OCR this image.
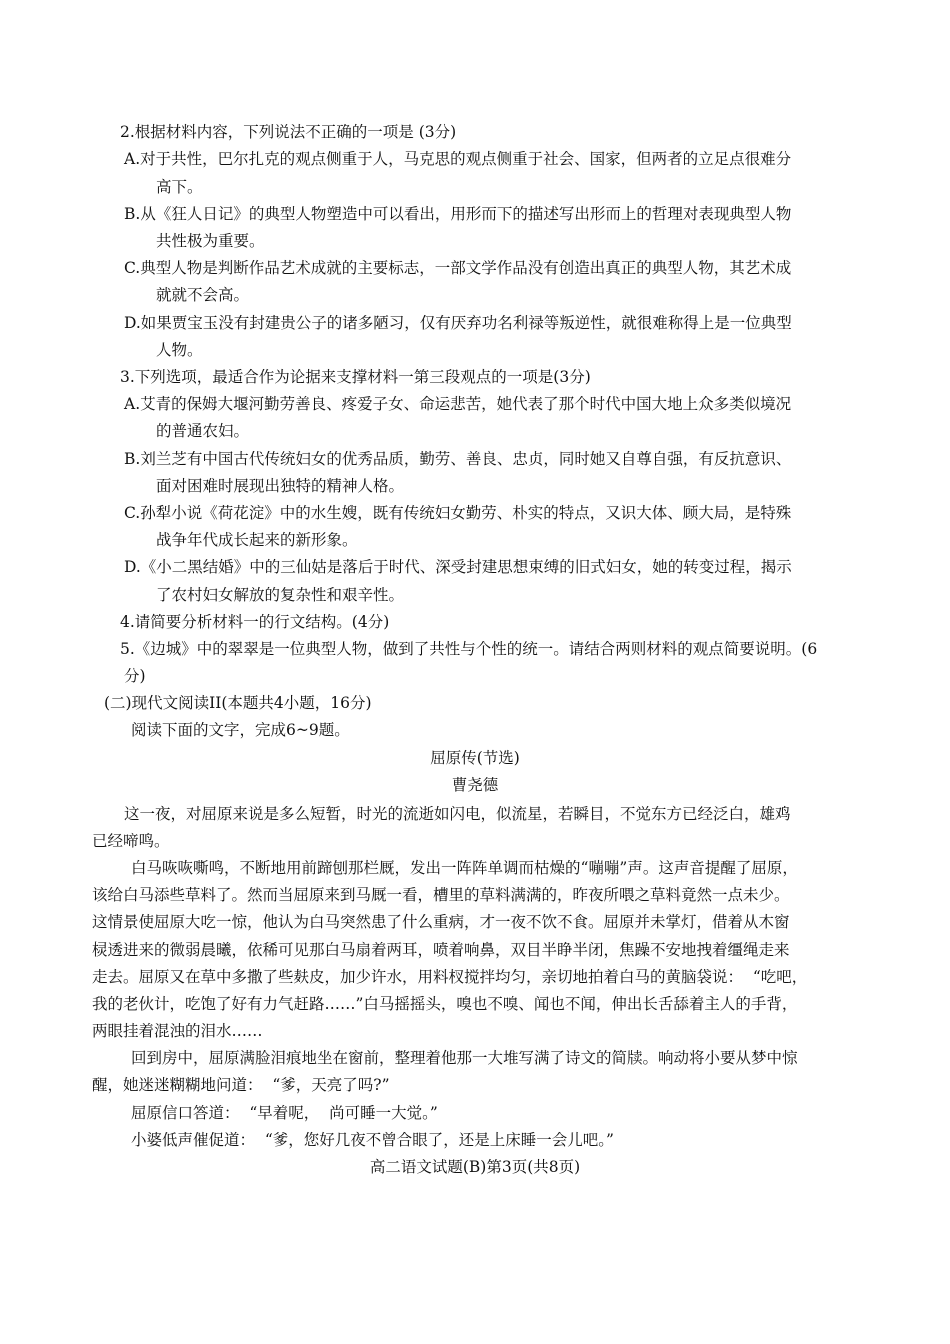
2.根据材料内容，下列说法不正确的一项是 (3分)
A.对于共性，巴尔扎克的观点侧重于人，马克思的观点侧重于社会、国家，但两者的立足点很难分
高下。
B.从《狂人日记》的典型人物塑造中可以看出，用形而下的描述写出形而上的哲理对表现典型人物
共性极为重要。
C.典型人物是判断作品艺术成就的主要标志，一部文学作品没有创造出真正的典型人物，其艺术成
就就不会高。
D.如果贾宝玉没有封建贵公子的诸多陋习，仅有厌弃功名利禄等叛逆性，就很难称得上是一位典型
人物。
3.下列选项，最适合作为论据来支撑材料一第三段观点的一项是(3分)
A.艾青的保姆大堰河勤劳善良、疼爱子女、命运悲苦，她代表了那个时代中国大地上众多类似境况
的普通农妇。
B.刘兰芝有中国古代传统妇女的优秀品质，勤劳、善良、忠贞，同时她又自尊自强，有反抗意识、
面对困难时展现出独特的精神人格。
C.孙犁小说《荷花淀》中的水生嫂，既有传统妇女勤劳、朴实的特点，又识大体、顾大局，是特殊
战争年代成长起来的新形象。
D.《小二黑结婚》中的三仙姑是落后于时代、深受封建思想束缚的旧式妇女，她的转变过程，揭示
了农村妇女解放的复杂性和艰辛性。
4.请简要分析材料一的行文结构。(4分)
5.《边城》中的翠翠是一位典型人物，做到了共性与个性的统一。请结合两则材料的观点简要说明。(6
分)
(二)现代文阅读II(本题共4小题，16分)
阅读下面的文字，完成6~9题。
屈原传(节选)
曹尧德
这一夜，对屈原来说是多么短暂，时光的流逝如闪电，似流星，若瞬目，不觉东方已经泛白，雄鸡
已经啼鸣。
白马咴咴嘶鸣，不断地用前蹄刨那栏厩，发出一阵阵单调而枯燥的“嘣嘣”声。这声音提醒了屈原，
该给白马添些草料了。然而当屈原来到马厩一看，槽里的草料满满的，昨夜所喂之草料竟然一点未少。
这情景使屈原大吃一惊，他认为白马突然患了什么重病，才一夜不饮不食。屈原并未掌灯，借着从木窗
棂透进来的微弱晨曦，依稀可见那白马扇着两耳，喷着响鼻，双目半睁半闭，焦躁不安地拽着缰绳走来
走去。屈原又在草中多撒了些麸皮，加少许水，用料杈搅拌均匀，亲切地拍着白马的黄脑袋说：  “吃吧，
我的老伙计，吃饱了好有力气赶路……”白马摇摇头，嗅也不嗅、闻也不闻，伸出长舌舔着主人的手背，
两眼挂着混浊的泪水……
回到房中，屈原满脸泪痕地坐在窗前，整理着他那一大堆写满了诗文的简牍。响动将小要从梦中惊
醒，她迷迷糊糊地问道：  “爹，天亮了吗?”
屈原信口答道：  “早着呢，  尚可睡一大觉。”
小婆低声催促道：  “爹，您好几夜不曾合眼了，还是上床睡一会儿吧。”
高二语文试题(B)第3页(共8页)
